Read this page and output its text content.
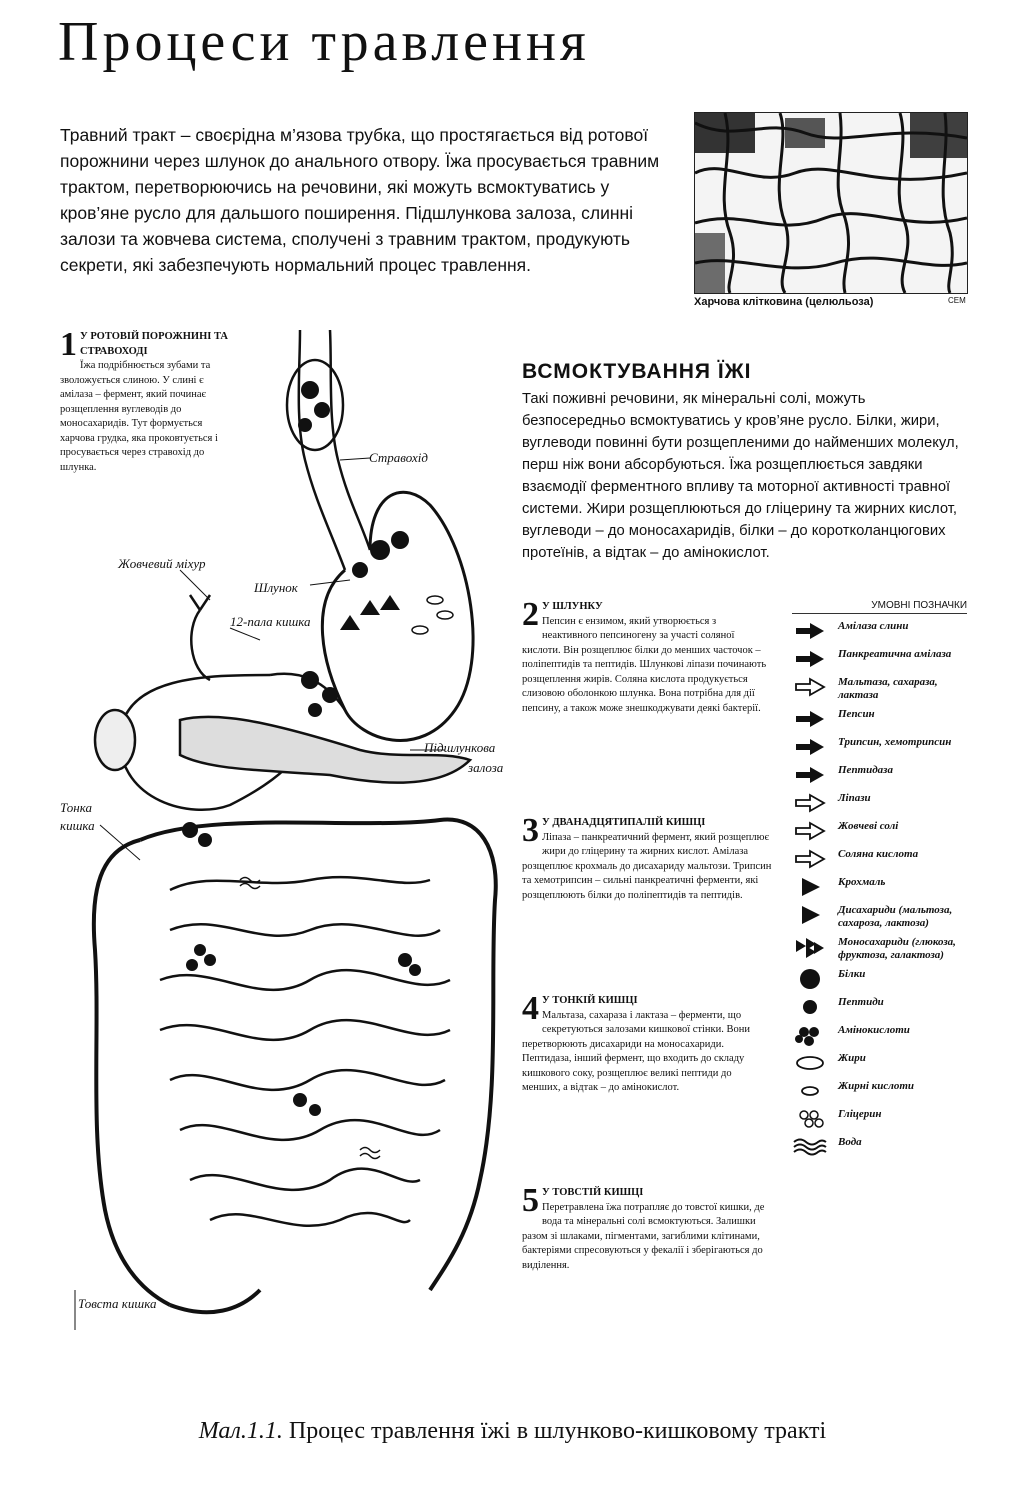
Процеси травлення

Травний тракт – своєрідна м’язова трубка, що простягається від ротової порожнини через шлунок до анального отвору. Їжа просувається травним трактом, перетворюючись на речовини, які можуть всмоктуватись у кров’яне русло для дальшого поширення. Підшлункова залоза, слинні залози та жовчева система, сполучені з травним трактом, продукують секрети, які забезпечують нормальний процес травлення.

Харчова клітковина (целюльоза)	СЕМ
Стравохід
Жовчевий міхур
Шлунок
12-пала кишка
Підшлункова
залоза
Тонка
кишка
Товста кишка
1 У РОТОВІЙ ПОРОЖНИНІ ТА СТРАВОХОДІ
Їжа подрібнюється зубами та зволожується слиною. У слині є амілаза – фермент, який починає розщеплення вуглеводів до моносахаридів. Тут формується харчова грудка, яка проковтується і просувається через стравохід до шлунка.
ВСМОКТУВАННЯ ЇЖІ

Такі поживні речовини, як мінеральні солі, можуть безпосередньо всмоктуватись у кров’яне русло. Білки, жири, вуглеводи повинні бути розщепленими до найменших молекул, перш ніж вони абсорбуються. Їжа розщеплюється завдяки взаємодії ферментного впливу та моторної активності травної системи. Жири розщеплюються до гліцерину та жирних кислот, вуглеводи – до моносахаридів, білки – до коротколанцюгових протеїнів, а відтак – до амінокислот.

2 У ШЛУНКУ
Пепсин є ензимом, який утворюється з неактивного пепсиногену за участі соляної кислоти. Він розщеплює білки до менших часточок – поліпептидів та пептидів. Шлункові ліпази починають розщеплення жирів. Соляна кислота продукується слизовою оболонкою шлунка. Вона потрібна для дії пепсину, а також може знешкоджувати деякі бактерії.
3 У ДВАНАДЦЯТИПАЛІЙ КИШЦІ
Ліпаза – панкреатичний фермент, який розщеплює жири до гліцерину та жирних кислот. Амілаза розщеплює крохмаль до дисахариду мальтози. Трипсин та хемотрипсин – сильні панкреатичні ферменти, які розщеплюють білки до поліпептидів та пептидів.
4 У ТОНКІЙ КИШЦІ
Мальтаза, сахараза і лактаза – ферменти, що секретуються залозами кишкової стінки. Вони перетворюють дисахариди на моносахариди. Пептидаза, інший фермент, що входить до складу кишкового соку, розщеплює великі пептиди до менших, а відтак – до амінокислот.
5 У ТОВСТІЙ КИШЦІ
Перетравлена їжа потрапляє до товстої кишки, де вода та мінеральні солі всмоктуються. Залишки разом зі шлаками, пігментами, загиблими клітинами, бактеріями спресовуються у фекалії і зберігаються до виділення.
УМОВНІ ПОЗНАЧКИ
Амілаза слини
Панкреатична амілаза
Мальтаза, сахараза, лактаза
Пепсин
Трипсин, хемотрипсин
Пептидаза
Ліпази
Жовчеві солі
Соляна кислота
Крохмаль
Дисахариди (мальтоза, сахароза, лактоза)
Моносахариди (глюкоза, фруктоза, галактоза)
Білки
Пептиди
Амінокислоти
Жири
Жирні кислоти
Гліцерин
Вода

Мал.1.1. Процес травлення їжі в шлунково-кишковому тракті
